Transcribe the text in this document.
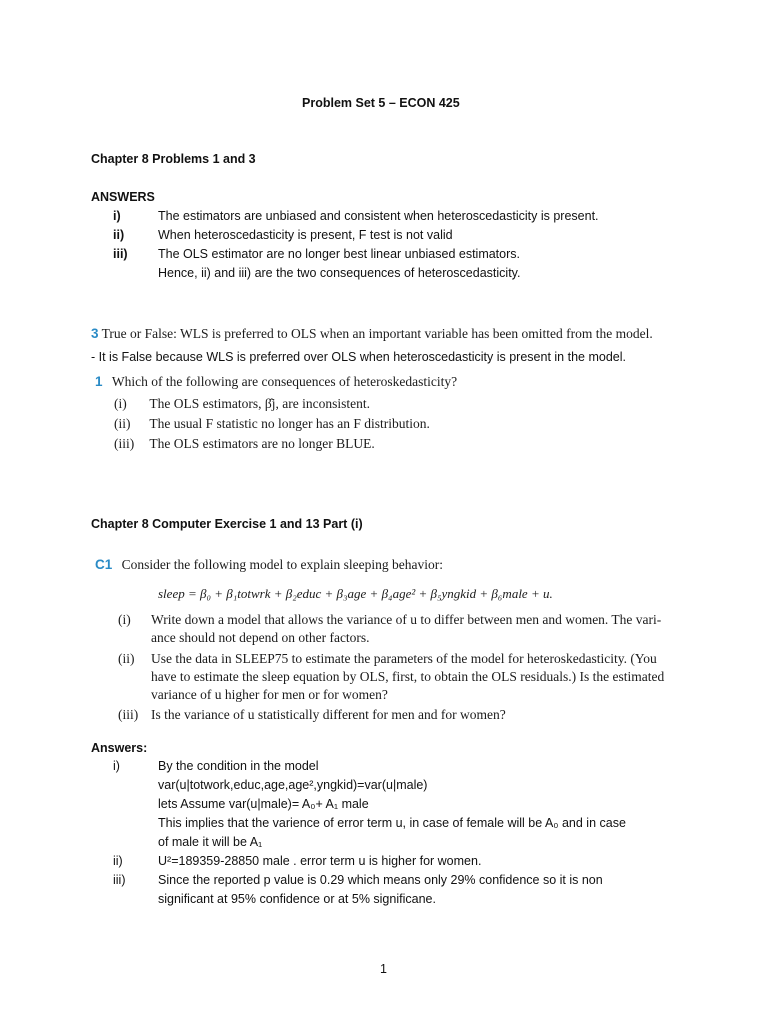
Problem Set 5 – ECON 425
Chapter 8 Problems 1 and 3
ANSWERS
i)	The estimators are unbiased and consistent when heteroscedasticity is present.
ii)	When heteroscedasticity is present, F test is not valid
iii) The OLS estimator are no longer best linear unbiased estimators.
Hence, ii) and iii) are the two consequences of heteroscedasticity.
3 True or False: WLS is preferred to OLS when an important variable has been omitted from the model.
- It is False because WLS is preferred over OLS when heteroscedasticity is present in the model.
1 Which of the following are consequences of heteroskedasticity?
(i) The OLS estimators, β̂j, are inconsistent.
(ii) The usual F statistic no longer has an F distribution.
(iii) The OLS estimators are no longer BLUE.
Chapter 8 Computer Exercise 1 and 13 Part (i)
C1 Consider the following model to explain sleeping behavior:
sleep = β₀ + β₁totwrk + β₂educ + β₃age + β₄age² + β₅yngkid + β₆male + u.
(i) Write down a model that allows the variance of u to differ between men and women. The vari-
ance should not depend on other factors.
(ii) Use the data in SLEEP75 to estimate the parameters of the model for heteroskedasticity. (You
have to estimate the sleep equation by OLS, first, to obtain the OLS residuals.) Is the estimated
variance of u higher for men or for women?
(iii) Is the variance of u statistically different for men and for women?
Answers:
i)	By the condition in the model
var(u|totwork,educ,age,age²,yngkid)=var(u|male)
lets Assume var(u|male)= A₀+ A₁ male
This implies that the varience of error term u, in case of female will be A₀ and in case
of male it will be A₁
ii)	U²=189359-28850 male . error term u is higher for women.
iii)	Since the reported p value is 0.29 which means only 29% confidence so it is non
significant at 95% confidence or at 5% significane.
1
